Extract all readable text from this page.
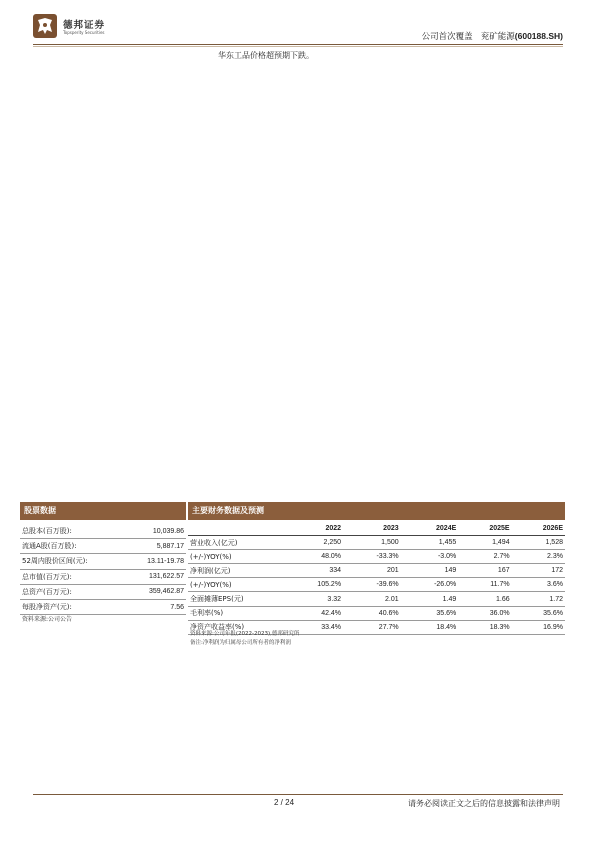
德邦证券
Topsperity Securities	公司首次覆盖 兖矿能源(600188.SH)
华东工品价格超预期下跌。
股票数据
总股本(百万股):	10,039.86
流通A股(百万股):	5,887.17
52周内股价区间(元):	13.11-19.78
总市值(百万元):	131,622.57
总资产(百万元):	359,462.87
每股净资产(元):	7.56
资料来源:公司公告
主要财务数据及预测
	2022	2023	2024E	2025E	2026E
营业收入(亿元)	2,250	1,500	1,455	1,494	1,528
(+/-)YOY(%)	48.0%	-33.3%	-3.0%	2.7%	2.3%
净利润(亿元)	334	201	149	167	172
(+/-)YOY(%)	105.2%	-39.6%	-26.0%	11.7%	3.6%
全面摊薄EPS(元)	3.32	2.01	1.49	1.66	1.72
毛利率(%)	42.4%	40.6%	35.6%	36.0%	35.6%
净资产收益率(%)	33.4%	27.7%	18.4%	18.3%	16.9%
资料来源:公司年报(2022-2023),德邦研究所
备注:净利润为归属母公司所有者的净利润
2 / 24	请务必阅读正文之后的信息披露和法律声明
